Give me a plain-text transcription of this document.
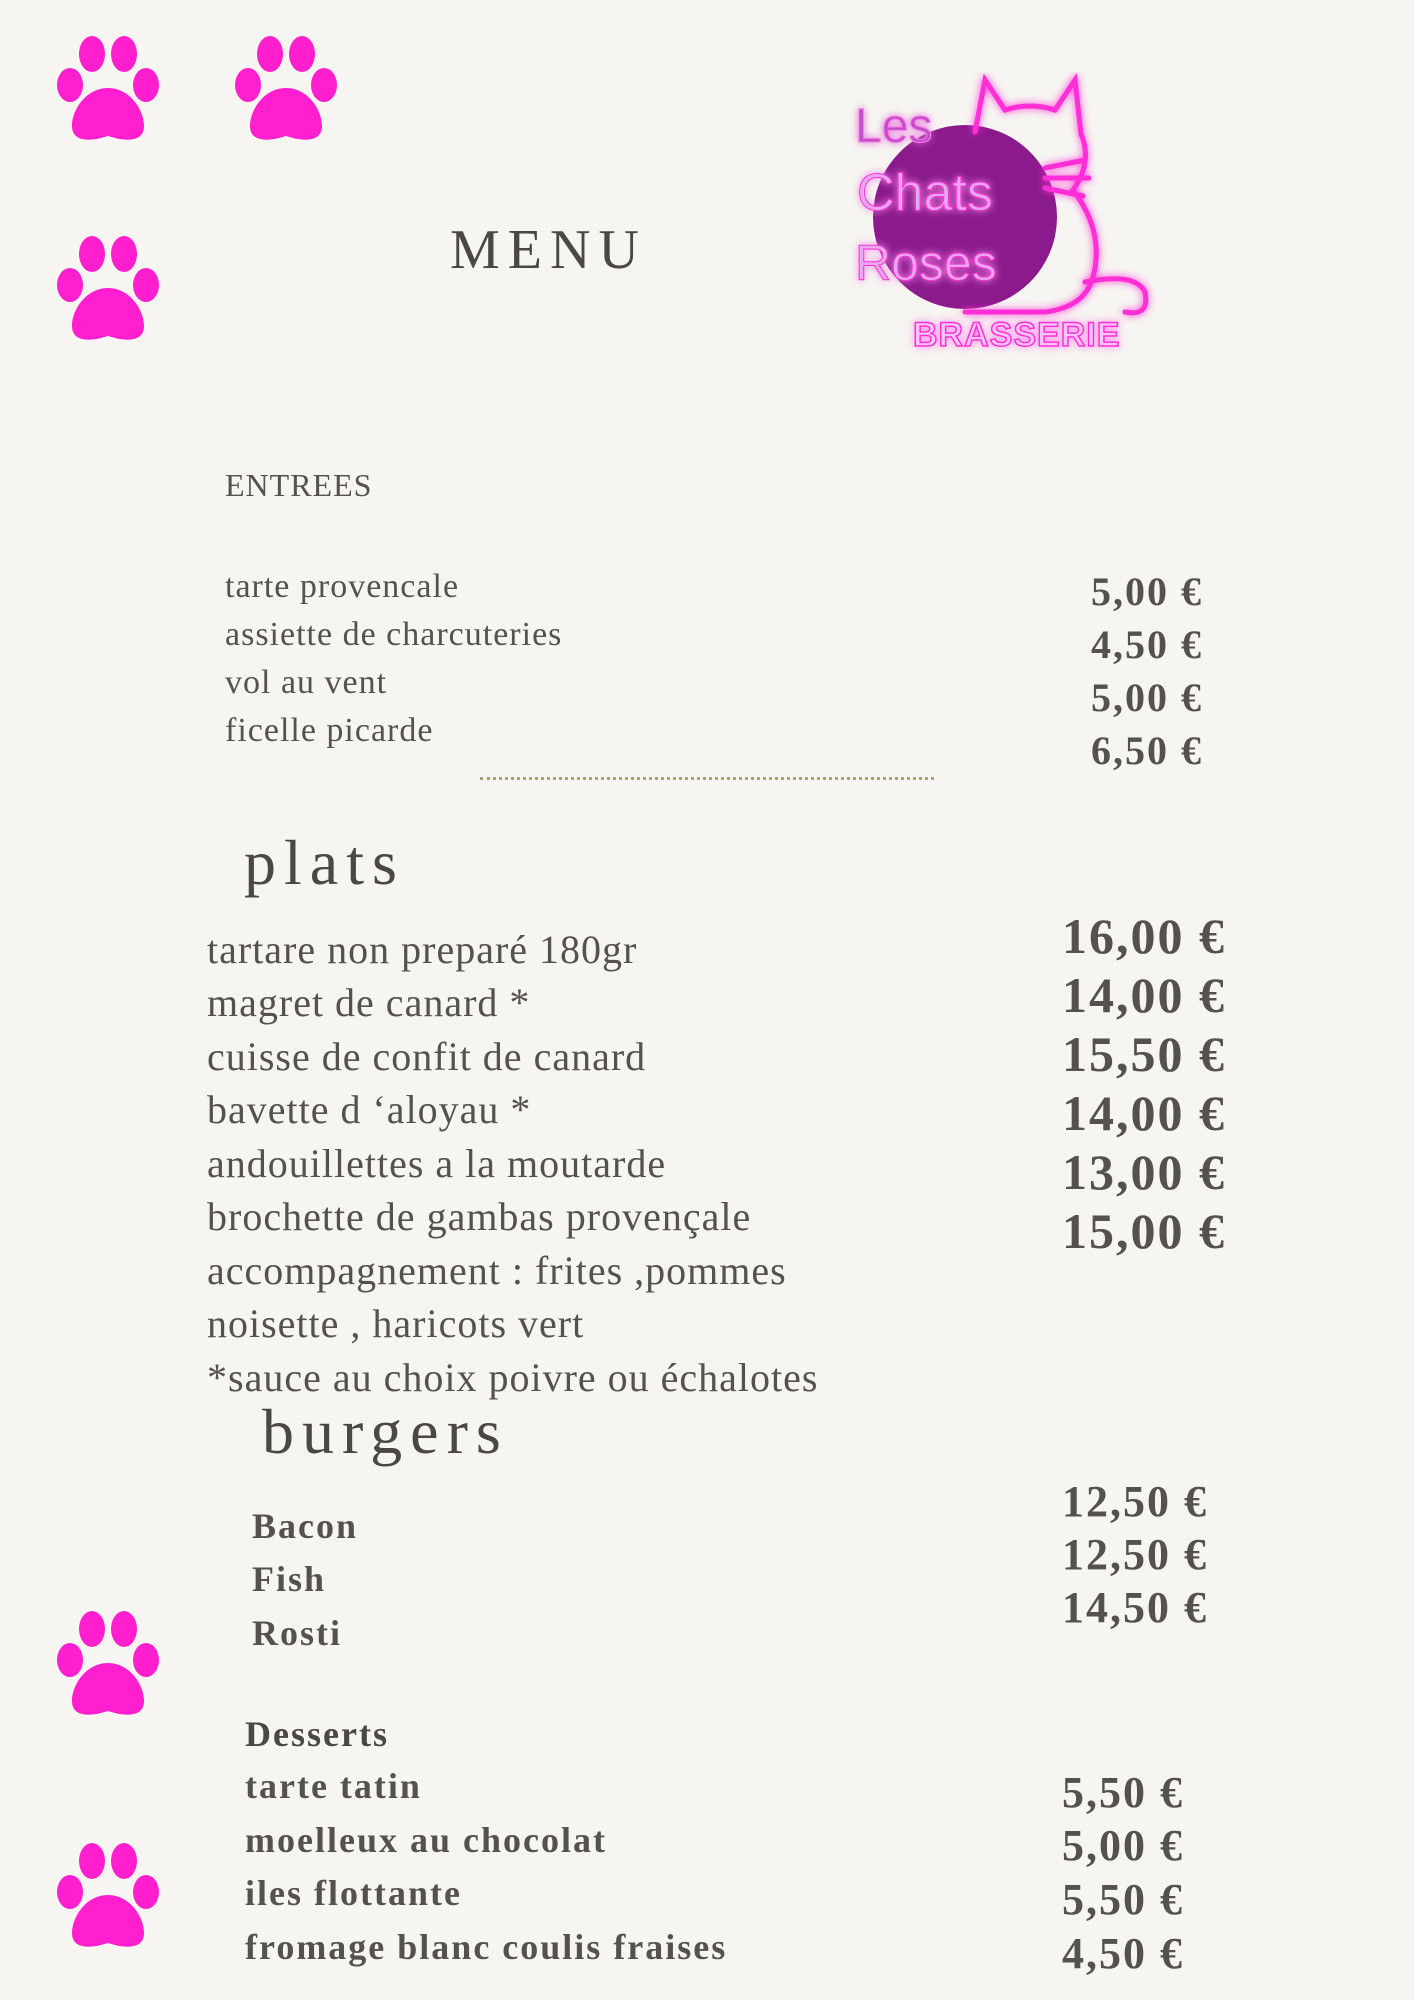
MENU
Les
Chats
Roses
BRASSERIE
ENTREES
tarte provencale
assiette de charcuteries
vol au vent
ficelle picarde
5,00 €
4,50 €
5,00 €
6,50 €
plats
tartare non preparé 180gr
magret de canard *
cuisse de confit de canard
bavette d ‘aloyau *
andouillettes a la moutarde
brochette de gambas provençale
accompagnement : frites ,pommes
noisette , haricots vert
*sauce au choix poivre ou échalotes
16,00 €
14,00 €
15,50 €
14,00 €
13,00 €
15,00 €
burgers
Bacon
Fish
Rosti
12,50 €
12,50 €
14,50 €
Desserts
tarte tatin
moelleux au chocolat
iles flottante
fromage blanc coulis fraises
5,50 €
5,00 €
5,50 €
4,50 €
